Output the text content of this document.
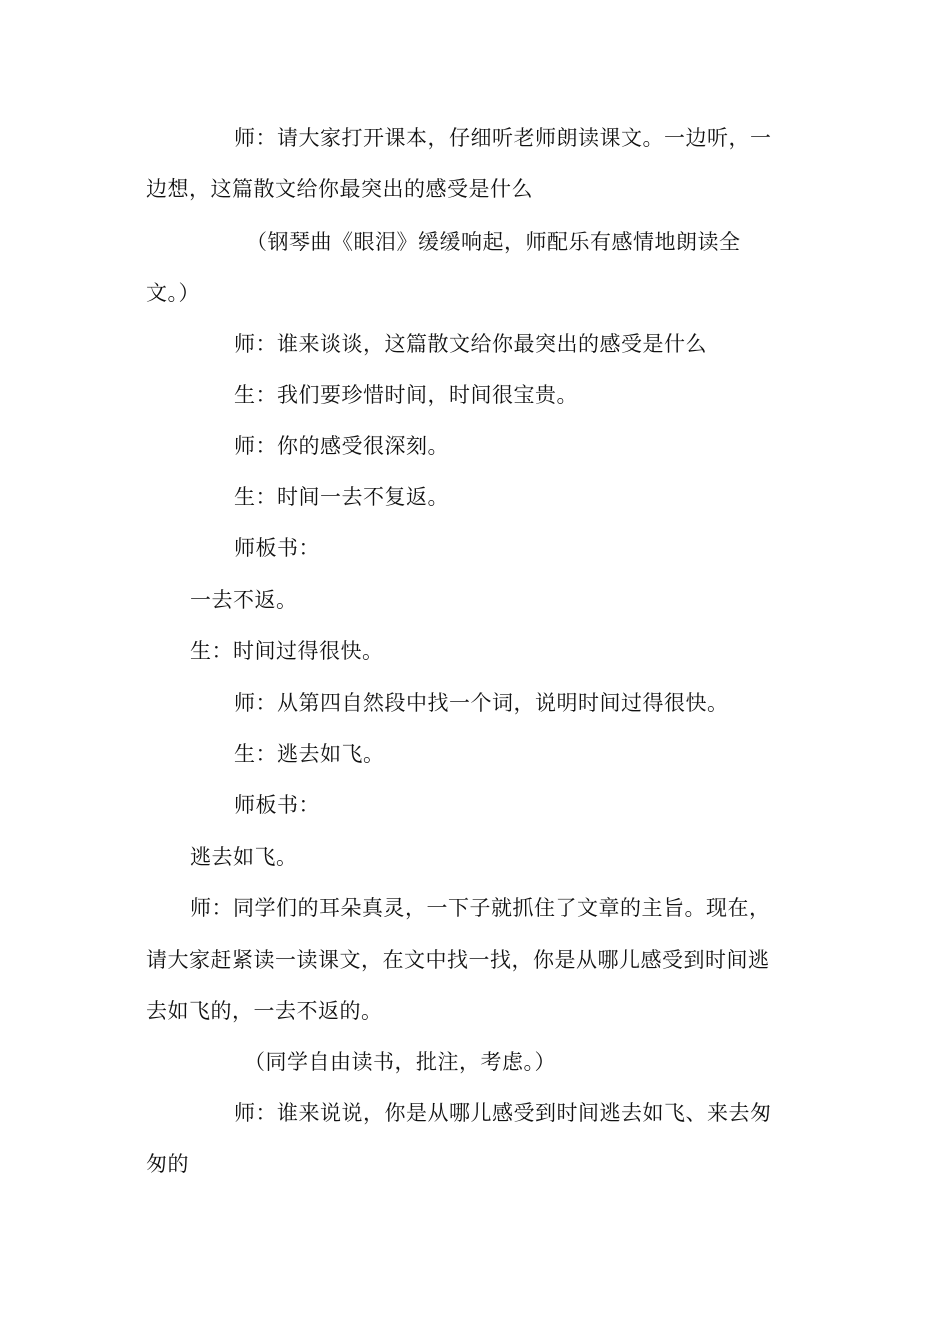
师：请大家打开课本，仔细听老师朗读课文。一边听，一
边想，这篇散文给你最突出的感受是什么
（钢琴曲《眼泪》缓缓响起，师配乐有感情地朗读全
文。）
师：谁来谈谈，这篇散文给你最突出的感受是什么
生：我们要珍惜时间，时间很宝贵。
师：你的感受很深刻。
生：时间一去不复返。
师板书：
一去不返。
生：时间过得很快。
师：从第四自然段中找一个词，说明时间过得很快。
生：逃去如飞。
师板书：
逃去如飞。
师：同学们的耳朵真灵，一下子就抓住了文章的主旨。现在，
请大家赶紧读一读课文，在文中找一找，你是从哪儿感受到时间逃
去如飞的，一去不返的。
（同学自由读书，批注，考虑。）
师：谁来说说，你是从哪儿感受到时间逃去如飞、来去匆
匆的
